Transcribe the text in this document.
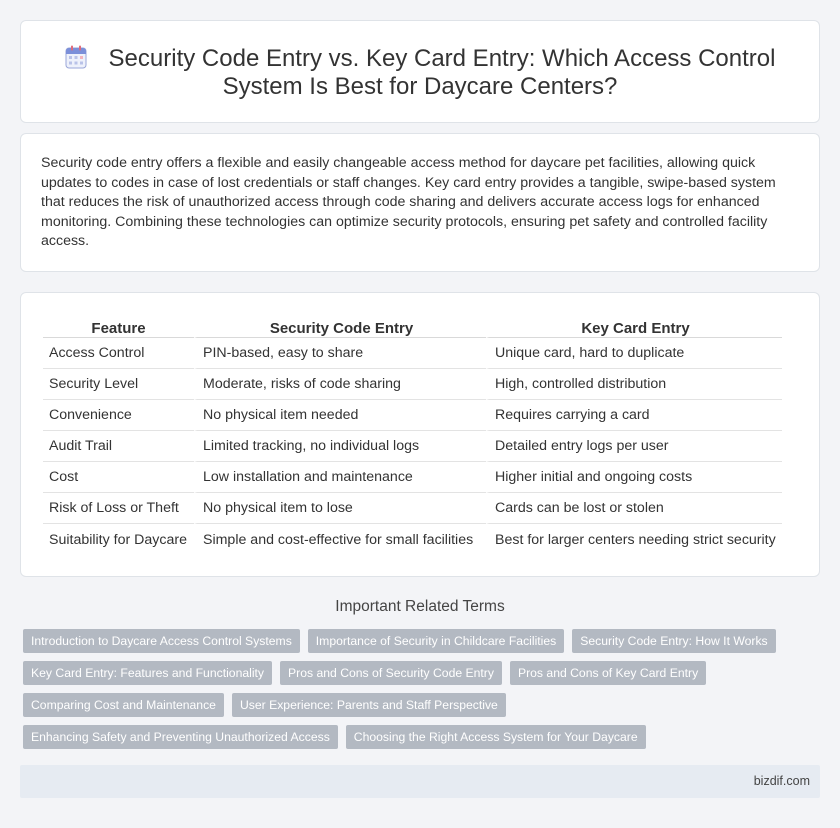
Security Code Entry vs. Key Card Entry: Which Access Control
System Is Best for Daycare Centers?

Security code entry offers a flexible and easily changeable access method for daycare pet facilities, allowing quick updates to codes in case of lost credentials or staff changes. Key card entry provides a tangible, swipe-based system that reduces the risk of unauthorized access through code sharing and delivers accurate access logs for enhanced monitoring. Combining these technologies can optimize security protocols, ensuring pet safety and controlled facility access.

Feature	Security Code Entry	Key Card Entry
Access Control	PIN-based, easy to share	Unique card, hard to duplicate
Security Level	Moderate, risks of code sharing	High, controlled distribution
Convenience	No physical item needed	Requires carrying a card
Audit Trail	Limited tracking, no individual logs	Detailed entry logs per user
Cost	Low installation and maintenance	Higher initial and ongoing costs
Risk of Loss or Theft	No physical item to lose	Cards can be lost or stolen
Suitability for Daycare	Simple and cost-effective for small facilities	Best for larger centers needing strict security
Important Related Terms
Introduction to Daycare Access Control Systems	Importance of Security in Childcare Facilities	Security Code Entry: How It Works
Key Card Entry: Features and Functionality	Pros and Cons of Security Code Entry	Pros and Cons of Key Card Entry
Comparing Cost and Maintenance	User Experience: Parents and Staff Perspective
Enhancing Safety and Preventing Unauthorized Access	Choosing the Right Access System for Your Daycare
bizdif.com
